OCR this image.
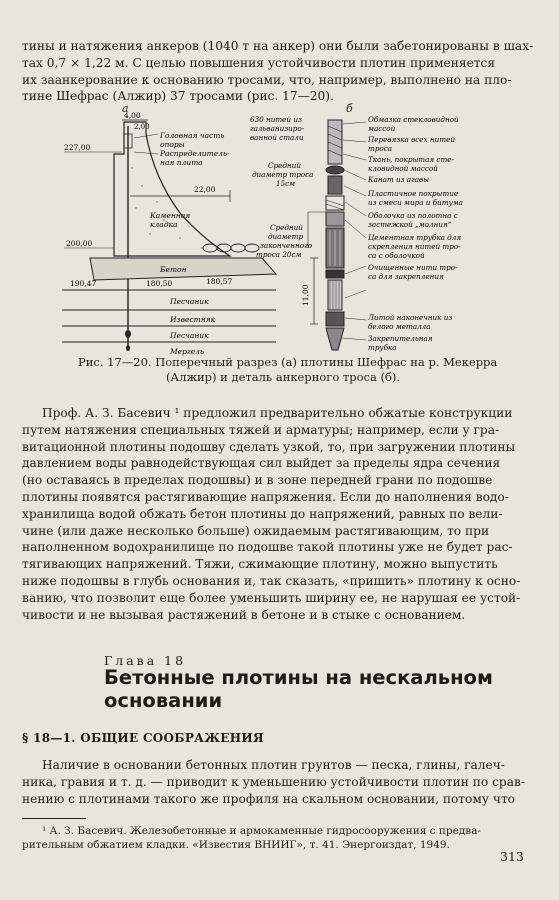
тины и натяжения анкеров (1040 т на анкер) они были забетонированы в шах-
тах 0,7 × 1,22 м. С целью повышения устойчивости плотин применяется
их заанкерование к основанию тросами, что, например, выполнено на пло-
тине Шефрас (Алжир) 37 тросами (рис. 17—20).
а	б
4,00
2,00
227,00
Головная часть
опоры
Распределитель-
ная плита
22,00
Каменная
кладка
200,00
Бетон
190,47	180,50	180,57
Песчаник
Известняк
Песчаник
Мергель
630 нитей из
гальванизиро-
ванной стали
Средний
диаметр троса
15см
Средний
диаметр
законченного
троса 20см
11,00
Обмазка стекловидной
массой
Перевязка всех нитей
троса
Ткань, покрытая сте-
кловидной массой
Канат из агавы
Пластичное покрытие
из смеси мира и битума
Оболочка из полотна с
застежкой „молния“
Цементная трубка для
скрепления нитей тро-
са с оболочкой
Очищенные нити тро-
са для закрепления
Литой наконечник из
белого металла
Закрепительная
трубка
Рис. 17—20. Поперечный разрез (а) плотины Шефрас на р. Мекерра
(Алжир) и деталь анкерного троса (б).
Проф. А. З. Басевич ¹ предложил предварительно обжатые конструкции
путем натяжения специальных тяжей и арматуры; например, если у гра-
витационной плотины подошву сделать узкой, то, при загружении плотины
давлением воды равнодействующая сил выйдет за пределы ядра сечения
(но оставаясь в пределах подошвы) и в зоне передней грани по подошве
плотины появятся растягивающие напряжения. Если до наполнения водо-
хранилища водой обжать бетон плотины до напряжений, равных по вели-
чине (или даже несколько больше) ожидаемым растягивающим, то при
наполненном водохранилище по подошве такой плотины уже не будет рас-
тягивающих напряжений. Тяжи, сжимающие плотину, можно выпустить
ниже подошвы в глубь основания и, так сказать, «пришить» плотину к осно-
ванию, что позволит еще более уменьшить ширину ее, не нарушая ее устой-
чивости и не вызывая растяжений в бетоне и в стыке с основанием.
Глава 18
Бетонные плотины на нескальном
основании
§ 18—1. ОБЩИЕ СООБРАЖЕНИЯ
Наличие в основании бетонных плотин грунтов — песка, глины, галеч-
ника, гравия и т. д. — приводит к уменьшению устойчивости плотин по срав-
нению с плотинами такого же профиля на скальном основании, потому что
¹ А. З. Басевич. Железобетонные и армокаменные гидросооружения с предва-
рительным обжатием кладки. «Известия ВНИИГ», т. 41. Энергоиздат, 1949.
313
